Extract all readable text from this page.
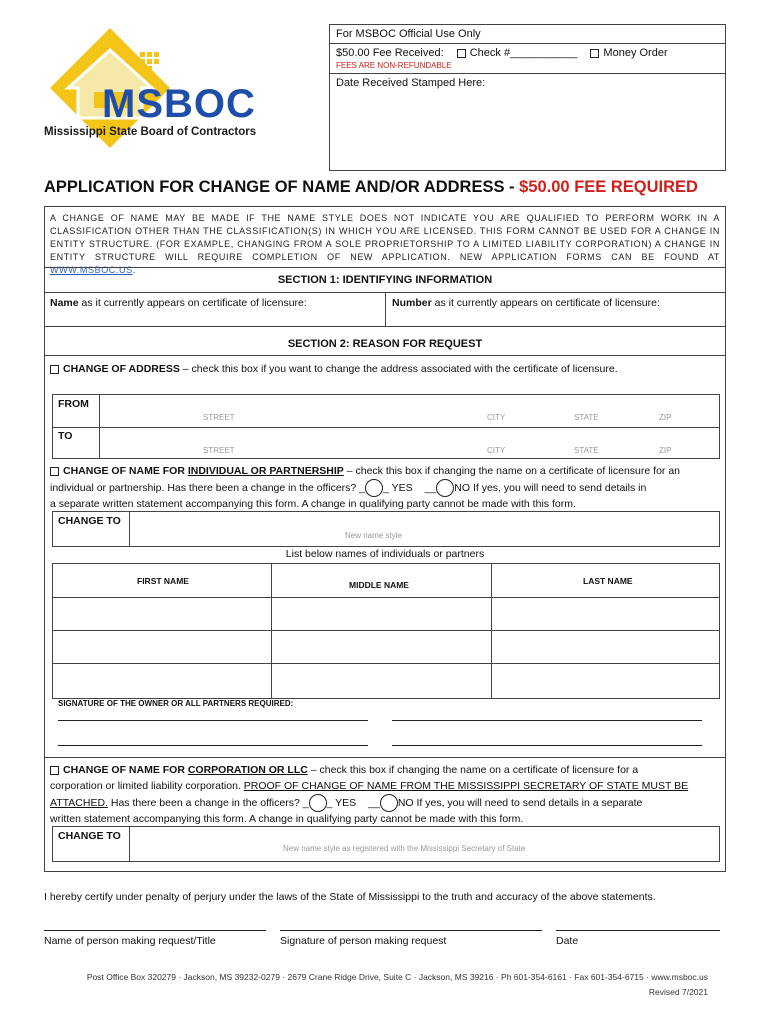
MSBOC
Mississippi State Board of Contractors
For MSBOC Official Use Only
$50.00 Fee Received: Check #___________ Money Order
FEES ARE NON-REFUNDABLE
Date Received Stamped Here:
APPLICATION FOR CHANGE OF NAME AND/OR ADDRESS - $50.00 FEE REQUIRED
A CHANGE OF NAME MAY BE MADE IF THE NAME STYLE DOES NOT INDICATE YOU ARE QUALIFIED TO PERFORM WORK IN A CLASSIFICATION OTHER THAN THE CLASSIFICATION(S) IN WHICH YOU ARE LICENSED. THIS FORM CANNOT BE USED FOR A CHANGE IN ENTITY STRUCTURE. (FOR EXAMPLE, CHANGING FROM A SOLE PROPRIETORSHIP TO A LIMITED LIABILITY CORPORATION) A CHANGE IN ENTITY STRUCTURE WILL REQUIRE COMPLETION OF NEW APPLICATION. NEW APPLICATION FORMS CAN BE FOUND AT WWW.MSBOC.US.
SECTION 1: IDENTIFYING INFORMATION
Name as it currently appears on certificate of licensure:	Number as it currently appears on certificate of licensure:
SECTION 2: REASON FOR REQUEST
CHANGE OF ADDRESS – check this box if you want to change the address associated with the certificate of licensure.
FROM
STREET	CITY	STATE	ZIP
TO
STREET	CITY	STATE	ZIP
CHANGE OF NAME FOR INDIVIDUAL OR PARTNERSHIP – check this box if changing the name on a certificate of licensure for an
individual or partnership. Has there been a change in the officers? _ _ YES __ NO If yes, you will need to send details in
a separate written statement accompanying this form. A change in qualifying party cannot be made with this form.
CHANGE TO
New name style
List below names of individuals or partners
FIRST NAME	MIDDLE NAME	LAST NAME
SIGNATURE OF THE OWNER OR ALL PARTNERS REQUIRED:
CHANGE OF NAME FOR CORPORATION OR LLC – check this box if changing the name on a certificate of licensure for a
corporation or limited liability corporation. PROOF OF CHANGE OF NAME FROM THE MISSISSIPPI SECRETARY OF STATE MUST BE
ATTACHED. Has there been a change in the officers? _ _ YES __ NO If yes, you will need to send details in a separate
written statement accompanying this form. A change in qualifying party cannot be made with this form.
CHANGE TO
New name style as registered with the Mississippi Secretary of State
I hereby certify under penalty of perjury under the laws of the State of Mississippi to the truth and accuracy of the above statements.
Name of person making request/Title	Signature of person making request	Date
Post Office Box 320279 · Jackson, MS 39232-0279 · 2679 Crane Ridge Drive, Suite C · Jackson, MS 39216 · Ph 601-354-6161 · Fax 601-354-6715 · www.msboc.us
Revised 7/2021
